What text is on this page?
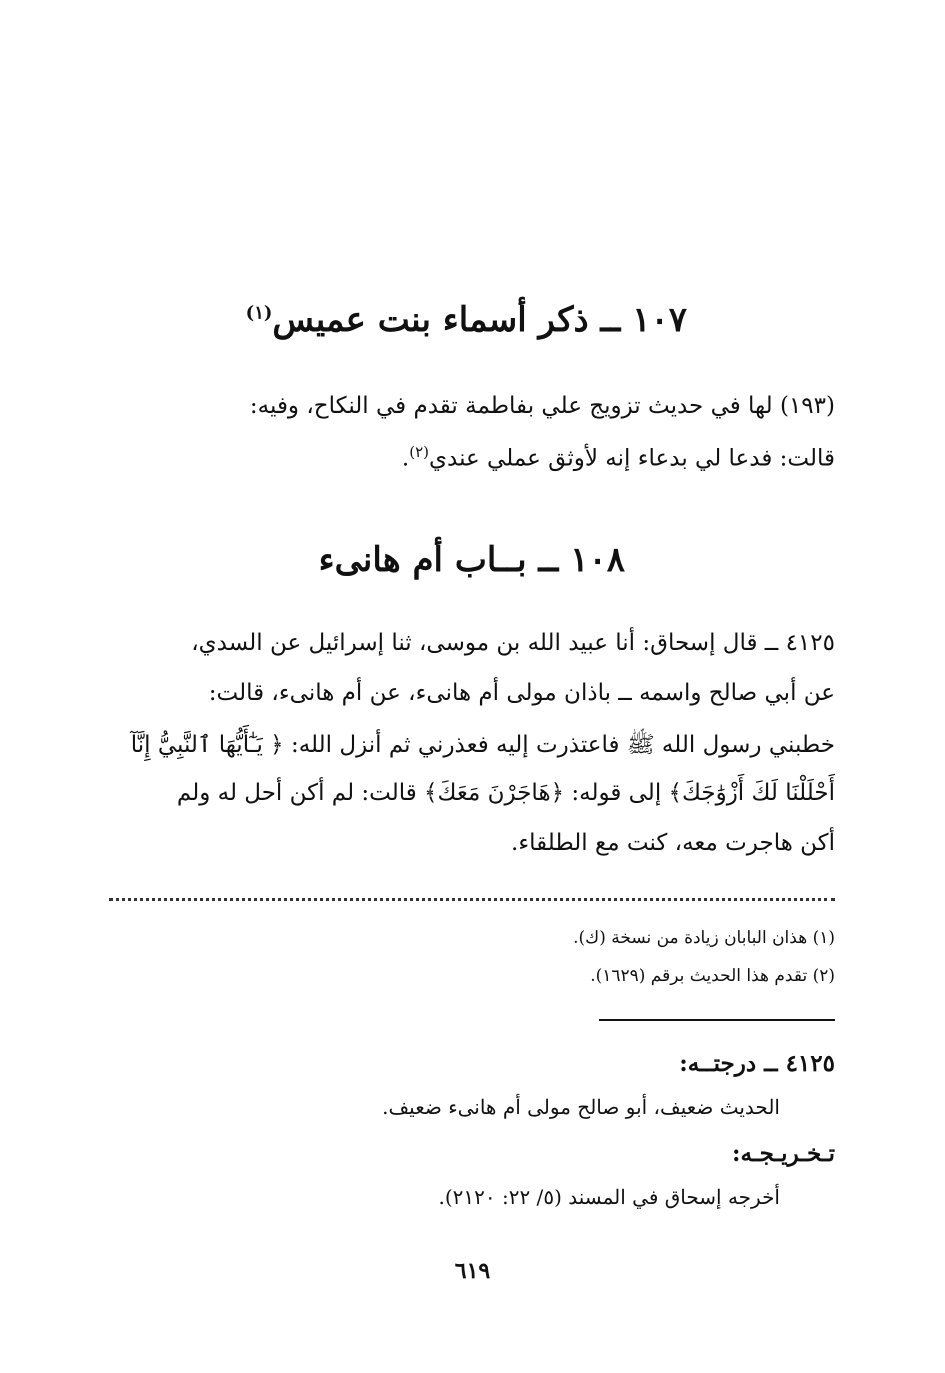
١٠٧ ــ ذكر أسماء بنت عميس$^{(١)}$
(١٩٣) لها في حديث تزويج علي بفاطمة تقدم في النكاح، وفيه:
قالت: فدعا لي بدعاء إنه لأوثق عملي عندي$^{(٢)}$.
١٠٨ ــ بــاب أم هانىء
٤١٢٥ ــ قال إسحاق: أنا عبيد الله بن موسى، ثنا إسرائيل عن السدي،
عن أبي صالح واسمه ــ باذان مولى أم هانىء، عن أم هانىء، قالت:
خطبني رسول الله ﷺ فاعتذرت إليه فعذرني ثم أنزل الله: ﴿ يَـٰٓأَيُّهَا ٱلنَّبِيُّ إِنَّآ
أَحْلَلْنَا لَكَ أَزْوَٰجَكَ﴾ إلى قوله: ﴿هَاجَرْنَ مَعَكَ﴾ قالت: لم أكن أحل له ولم
أكن هاجرت معه، كنت مع الطلقاء.
(١) هذان البابان زيادة من نسخة (ك).
(٢) تقدم هذا الحديث برقم (١٦٢٩).
٤١٢٥ ــ درجتــه:
الحديث ضعيف، أبو صالح مولى أم هانىء ضعيف.
تـخـريـجـه:
أخرجه إسحاق في المسند (٥/ ٢٢: ٢١٢٠).
٦١٩
